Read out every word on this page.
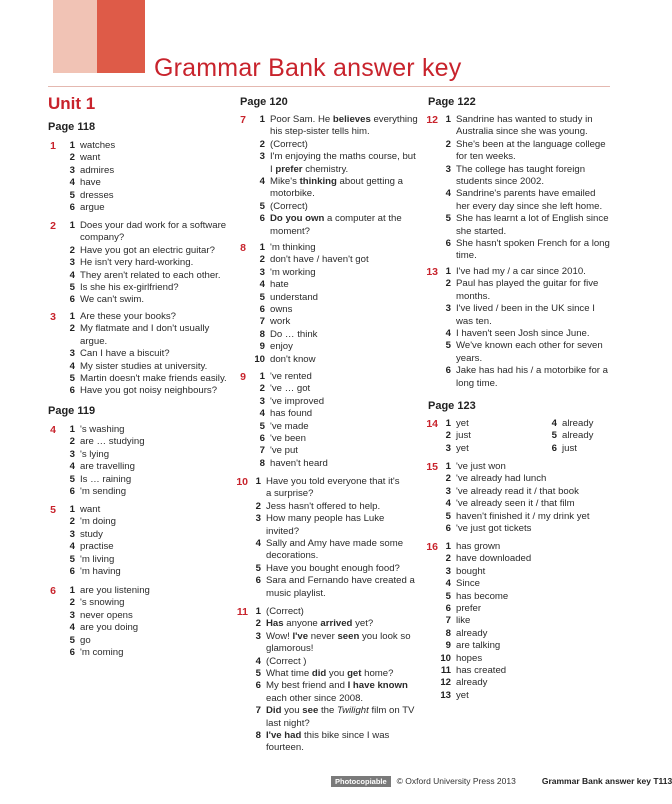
Grammar Bank answer key
Unit 1
Page 118
Page 119
Page 120	Page 122
Page 123
1	1 watches
2 want
3 admires
4 have
5 dresses
6 argue
2	1 Does your dad work for a software
company?
2 Have you got an electric guitar?
3 He isn't very hard-working.
4 They aren't related to each other.
5 Is she his ex-girlfriend?
6 We can't swim.
3	1 Are these your books?
2 My flatmate and I don't usually
argue.
3 Can I have a biscuit?
4 My sister studies at university.
5 Martin doesn't make friends easily.
6 Have you got noisy neighbours?
4	1 's washing
2 are … studying
3 's lying
4 are travelling
5 Is … raining
6 'm sending
5	1 want
2 'm doing
3 study
4 practise
5 'm living
6 'm having
6	1 are you listening
2 's snowing
3 never opens
4 are you doing
5 go
6 'm coming
7	1 Poor Sam. He believes everything
his step-sister tells him.
2 (Correct)
3 I'm enjoying the maths course, but
I prefer chemistry.
4 Mike's thinking about getting a
motorbike.
5 (Correct)
6 Do you own a computer at the
moment?
8	1 'm thinking
2 don't have / haven't got
3 'm working
4 hate
5 understand
6 owns
7 work
8 Do … think
9 enjoy
10 don't know
9	1 've rented
2 've … got
3 've improved
4 has found
5 've made
6 've been
7 've put
8 haven't heard
10 1 Have you told everyone that it's
a surprise?
2 Jess hasn't offered to help.
3 How many people has Luke
invited?
4 Sally and Amy have made some
decorations.
5 Have you bought enough food?
6 Sara and Fernando have created a
music playlist.
11 1 (Correct)
2 Has anyone arrived yet?
3 Wow! I've never seen you look so
glamorous!
4 (Correct )
5 What time did you get home?
6 My best friend and I have known
each other since 2008.
7 Did you see the Twilight film on TV
last night?
8 I've had this bike since I was
fourteen.
12 1 Sandrine has wanted to study in
Australia since she was young.
2 She's been at the language college
for ten weeks.
3 The college has taught foreign
students since 2002.
4 Sandrine's parents have emailed
her every day since she left home.
5 She has learnt a lot of English since
she started.
6 She hasn't spoken French for a long
time.
13 1 I've had my / a car since 2010.
2 Paul has played the guitar for five
months.
3 I've lived / been in the UK since I
was ten.
4 I haven't seen Josh since June.
5 We've known each other for seven
years.
6 Jake has had his / a motorbike for a
long time.
14 1 yet
2 just
3 yet
4 already
5 already
6 just
15 1 've just won
2 've already had lunch
3 've already read it / that book
4 've already seen it / that film
5 haven't finished it / my drink yet
6 've just got tickets
16 1 has grown
2 have downloaded
3 bought
4 Since
5 has become
6 prefer
7 like
8 already
9 are talking
10 hopes
11 has created
12 already
13 yet
Photocopiable © Oxford University Press 2013	Grammar Bank answer key T113
